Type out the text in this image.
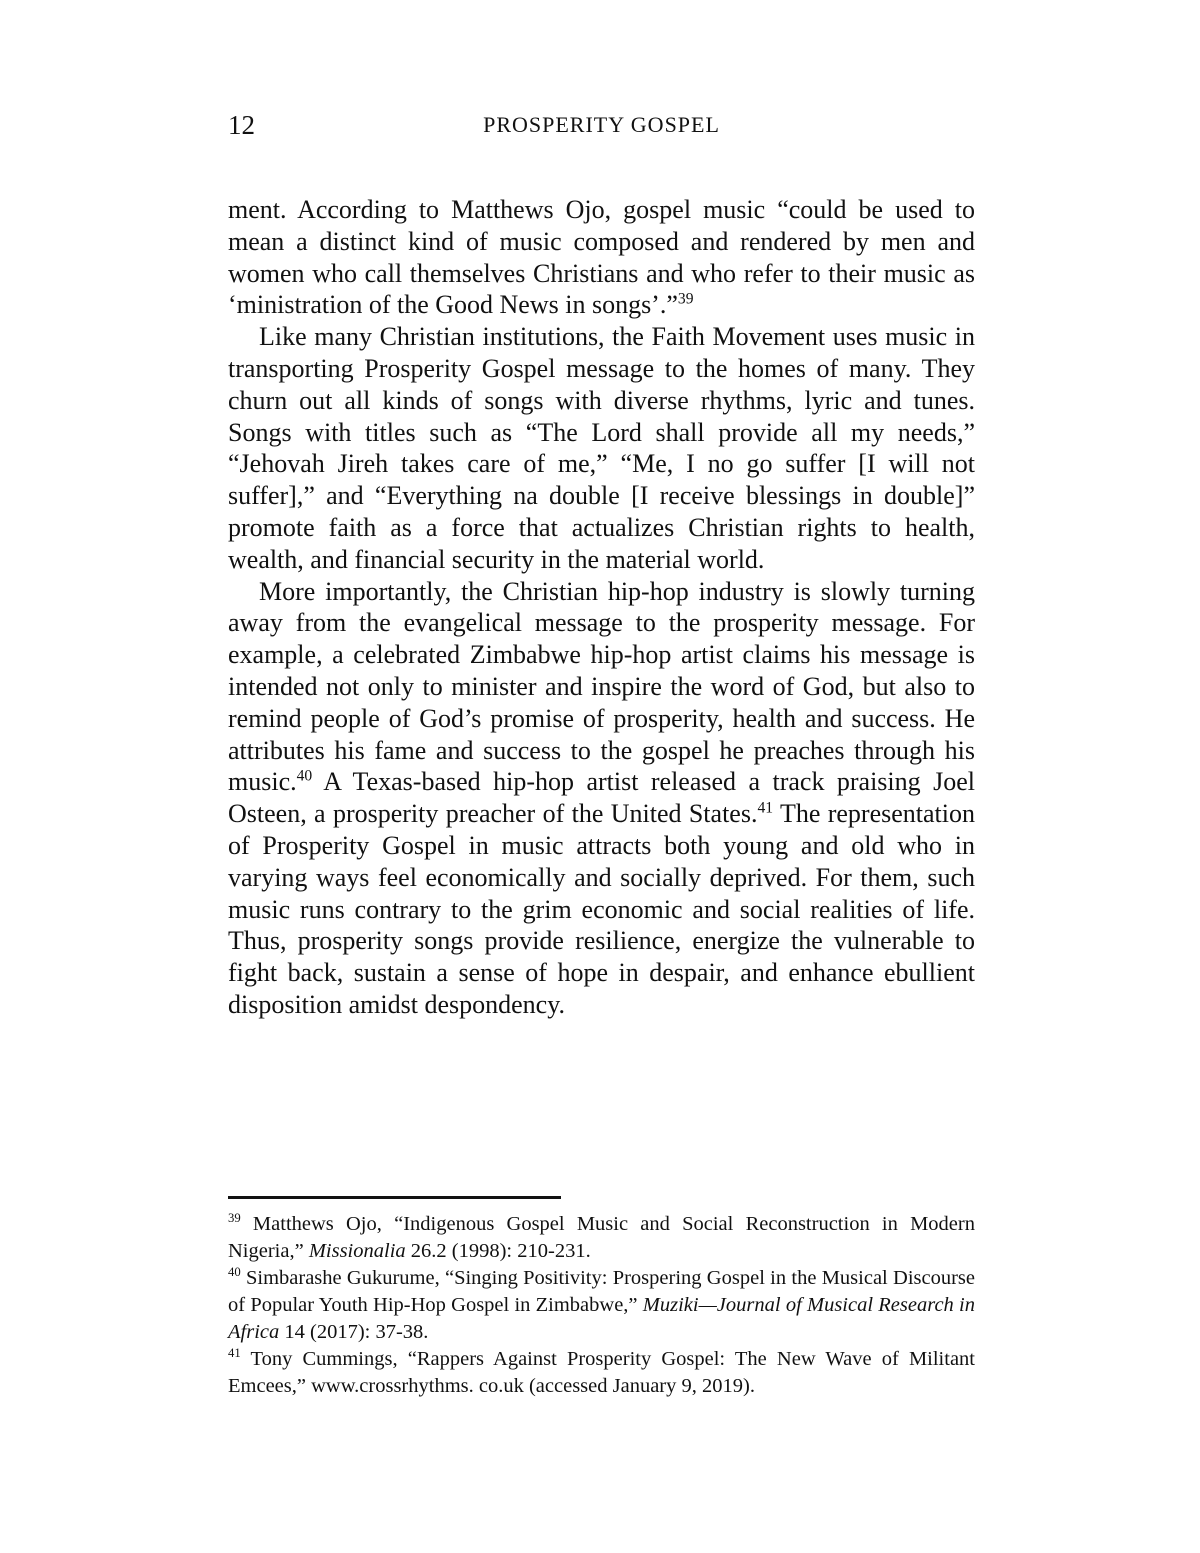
12	PROSPERITY GOSPEL

ment. According to Matthews Ojo, gospel music “could be used to mean a distinct kind of music composed and rendered by men and women who call themselves Christians and who refer to their music as ‘ministration of the Good News in songs’.”$^{39}$

Like many Christian institutions, the Faith Movement uses music in transporting Prosperity Gospel message to the homes of many. They churn out all kinds of songs with diverse rhythms, lyric and tunes. Songs with titles such as “The Lord shall provide all my needs,” “Jehovah Jireh takes care of me,” “Me, I no go suffer [I will not suffer],” and “Everything na double [I receive blessings in double]” promote faith as a force that actualizes Christian rights to health, wealth, and financial security in the material world.

More importantly, the Christian hip-hop industry is slowly turning away from the evangelical message to the prosperity message. For example, a celebrated Zimbabwe hip-hop artist claims his message is intended not only to minister and inspire the word of God, but also to remind people of God’s promise of prosperity, health and success. He attributes his fame and success to the gospel he preaches through his music.$^{40}$ A Texas-based hip-hop artist released a track praising Joel Osteen, a prosperity preacher of the United States.$^{41}$ The representation of Prosperity Gospel in music attracts both young and old who in varying ways feel economically and socially deprived. For them, such music runs contrary to the grim economic and social realities of life. Thus, prosperity songs provide resilience, energize the vulnerable to fight back, sustain a sense of hope in despair, and enhance ebullient disposition amidst despondency.

$^{39}$ Matthews Ojo, “Indigenous Gospel Music and Social Reconstruction in Modern Nigeria,” Missionalia 26.2 (1998): 210-231.

$^{40}$ Simbarashe Gukurume, “Singing Positivity: Prospering Gospel in the Musical Discourse of Popular Youth Hip-Hop Gospel in Zimbabwe,” Muziki—Journal of Musical Research in Africa 14 (2017): 37-38.

$^{41}$ Tony Cummings, “Rappers Against Prosperity Gospel: The New Wave of Militant Emcees,” www.crossrhythms. co.uk (accessed January 9, 2019).
